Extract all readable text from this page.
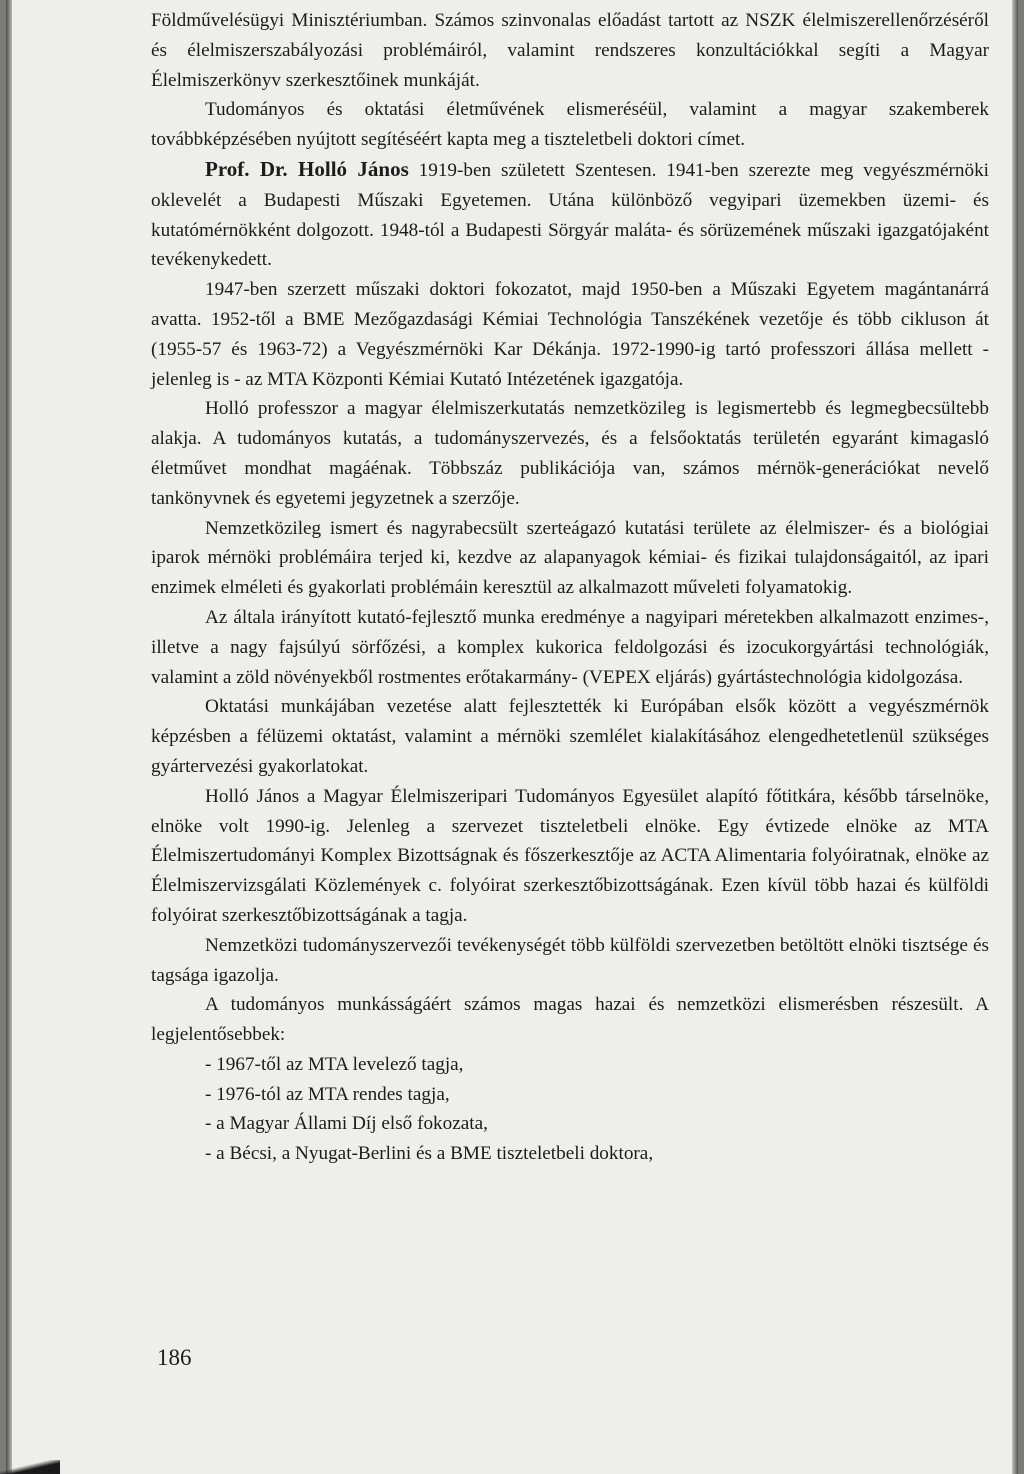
Földművelésügyi Minisztériumban. Számos szinvonalas előadást tartott az NSZK élelmiszerellenőrzéséről és élelmiszerszabályozási problémáiról, valamint rendszeres konzultációkkal segíti a Magyar Élelmiszerkönyv szerkesztőinek munkáját.

Tudományos és oktatási életművének elismeréséül, valamint a magyar szakemberek továbbképzésében nyújtott segítéséért kapta meg a tiszteletbeli doktori címet.

Prof. Dr. Holló János 1919-ben született Szentesen. 1941-ben szerezte meg vegyészmérnöki oklevelét a Budapesti Műszaki Egyetemen. Utána különböző vegyipari üzemekben üzemi- és kutatómérnökként dolgozott. 1948-tól a Budapesti Sörgyár maláta- és sörüzemének műszaki igazgatójaként tevékenykedett.

1947-ben szerzett műszaki doktori fokozatot, majd 1950-ben a Műszaki Egyetem magántanárrá avatta. 1952-től a BME Mezőgazdasági Kémiai Technológia Tanszékének vezetője és több cikluson át (1955-57 és 1963-72) a Vegyészmérnöki Kar Dékánja. 1972-1990-ig tartó professzori állása mellett - jelenleg is - az MTA Központi Kémiai Kutató Intézetének igazgatója.

Holló professzor a magyar élelmiszerkutatás nemzetközileg is legismertebb és legmegbecsültebb alakja. A tudományos kutatás, a tudományszervezés, és a felsőoktatás területén egyaránt kimagasló életművet mondhat magáénak. Többszáz publikációja van, számos mérnök-generációkat nevelő tankönyvnek és egyetemi jegyzetnek a szerzője.

Nemzetközileg ismert és nagyrabecsült szerteágazó kutatási területe az élelmiszer- és a biológiai iparok mérnöki problémáira terjed ki, kezdve az alapanyagok kémiai- és fizikai tulajdonságaitól, az ipari enzimek elméleti és gyakorlati problémáin keresztül az alkalmazott műveleti folyamatokig.

Az általa irányított kutató-fejlesztő munka eredménye a nagyipari méretekben alkalmazott enzimes-, illetve a nagy fajsúlyú sörfőzési, a komplex kukorica feldolgozási és izocukorgyártási technológiák, valamint a zöld növényekből rostmentes erőtakarmány- (VEPEX eljárás) gyártástechnológia kidolgozása.

Oktatási munkájában vezetése alatt fejlesztették ki Európában elsők között a vegyészmérnök képzésben a félüzemi oktatást, valamint a mérnöki szemlélet kialakításához elengedhetetlenül szükséges gyártervezési gyakorlatokat.

Holló János a Magyar Élelmiszeripari Tudományos Egyesület alapító főtitkára, később társelnöke, elnöke volt 1990-ig. Jelenleg a szervezet tiszteletbeli elnöke. Egy évtizede elnöke az MTA Élelmiszertudományi Komplex Bizottságnak és főszerkesztője az ACTA Alimentaria folyóiratnak, elnöke az Élelmiszervizsgálati Közlemények c. folyóirat szerkesztőbizottságának. Ezen kívül több hazai és külföldi folyóirat szerkesztőbizottságának a tagja.

Nemzetközi tudományszervezői tevékenységét több külföldi szervezetben betöltött elnöki tisztsége és tagsága igazolja.

A tudományos munkásságáért számos magas hazai és nemzetközi elismerésben részesült. A legjelentősebbek:

- 1967-től az MTA levelező tagja,
- 1976-tól az MTA rendes tagja,
- a Magyar Állami Díj első fokozata,
- a Bécsi, a Nyugat-Berlini és a BME tiszteletbeli doktora,
186
